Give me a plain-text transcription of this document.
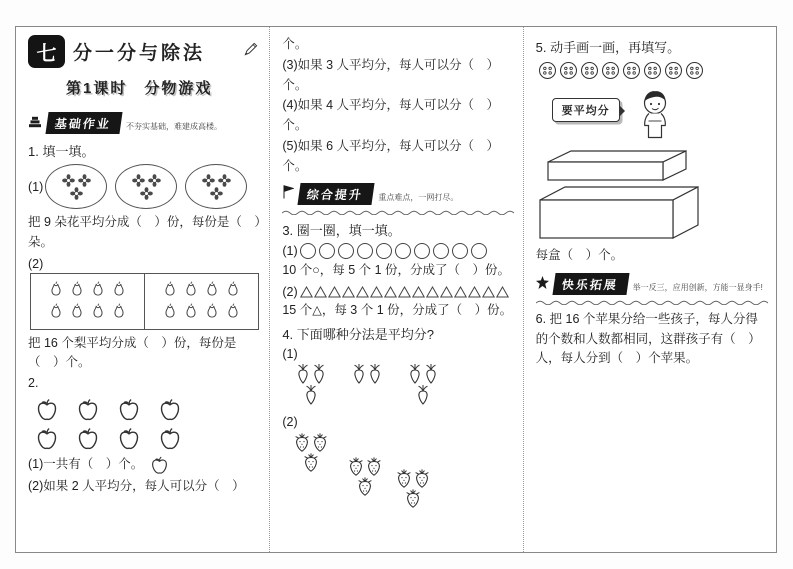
七 分一分与除法
第1课时　分物游戏
基础作业	不夯实基础，难建成高楼。
1. 填一填。
(1)
把 9 朵花平均分成（　）份，每份是（　）朵。
(2)
把 16 个梨平均分成（　）份，每份是（　）个。
2.
(1)一共有（　）个。
(2)如果 2 人平均分，每人可以分（　）
个。
(3)如果 3 人平均分，每人可以分（　）个。
(4)如果 4 人平均分，每人可以分（　）个。
(5)如果 6 人平均分，每人可以分（　）个。
综合提升	重点难点，一网打尽。
3. 圈一圈，填一填。
(1)
10 个○，每 5 个 1 份，分成了（　）份。
(2)
15 个△，每 3 个 1 份，分成了（　）份。
4. 下面哪种分法是平均分?
(1)
(2)
5. 动手画一画，再填写。
要平均分
每盒（　）个。
快乐拓展	举一反三，应用创新，方能一显身手!
6. 把 16 个苹果分给一些孩子，每人分得的个数和人数都相同，这群孩子有（　）人，每人分到（　）个苹果。
